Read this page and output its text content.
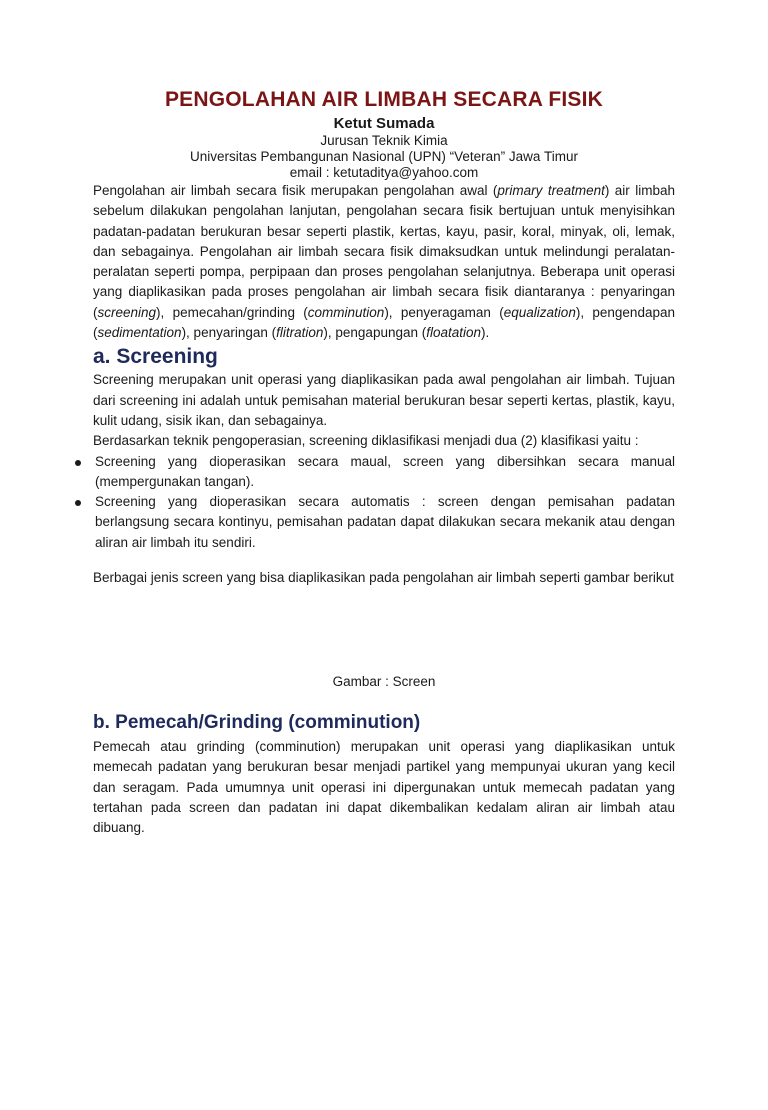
PENGOLAHAN AIR LIMBAH SECARA FISIK
Ketut Sumada
Jurusan Teknik Kimia
Universitas Pembangunan Nasional (UPN) “Veteran” Jawa Timur
email : ketutaditya@yahoo.com

Pengolahan air limbah secara fisik merupakan pengolahan awal (primary treatment) air limbah sebelum dilakukan pengolahan lanjutan, pengolahan secara fisik bertujuan untuk menyisihkan padatan-padatan berukuran besar seperti plastik, kertas, kayu, pasir, koral, minyak, oli, lemak, dan sebagainya. Pengolahan air limbah secara fisik dimaksudkan untuk melindungi peralatan-peralatan seperti pompa, perpipaan dan proses pengolahan selanjutnya. Beberapa unit operasi yang diaplikasikan pada proses pengolahan air limbah secara fisik diantaranya : penyaringan (screening), pemecahan/grinding (comminution), penyeragaman (equalization), pengendapan (sedimentation), penyaringan (flitration), pengapungan (floatation).

a. Screening

Screening merupakan unit operasi yang diaplikasikan pada awal pengolahan air limbah. Tujuan dari screening ini adalah untuk pemisahan material berukuran besar seperti kertas, plastik, kayu, kulit udang, sisik ikan, dan sebagainya.

Berdasarkan teknik pengoperasian, screening diklasifikasi menjadi dua (2) klasifikasi yaitu :

Screening yang dioperasikan secara maual, screen yang dibersihkan secara manual (mempergunakan tangan).
Screening yang dioperasikan secara automatis : screen dengan pemisahan padatan berlangsung secara kontinyu, pemisahan padatan dapat dilakukan secara mekanik atau dengan aliran air limbah itu sendiri.

Berbagai jenis screen yang bisa diaplikasikan pada pengolahan air limbah seperti gambar berikut

Gambar : Screen
b. Pemecah/Grinding (comminution)

Pemecah atau grinding (comminution) merupakan unit operasi yang diaplikasikan untuk memecah padatan yang berukuran besar menjadi partikel yang mempunyai ukuran yang kecil dan seragam. Pada umumnya unit operasi ini dipergunakan untuk memecah padatan yang tertahan pada screen dan padatan ini dapat dikembalikan kedalam aliran air limbah atau dibuang.
